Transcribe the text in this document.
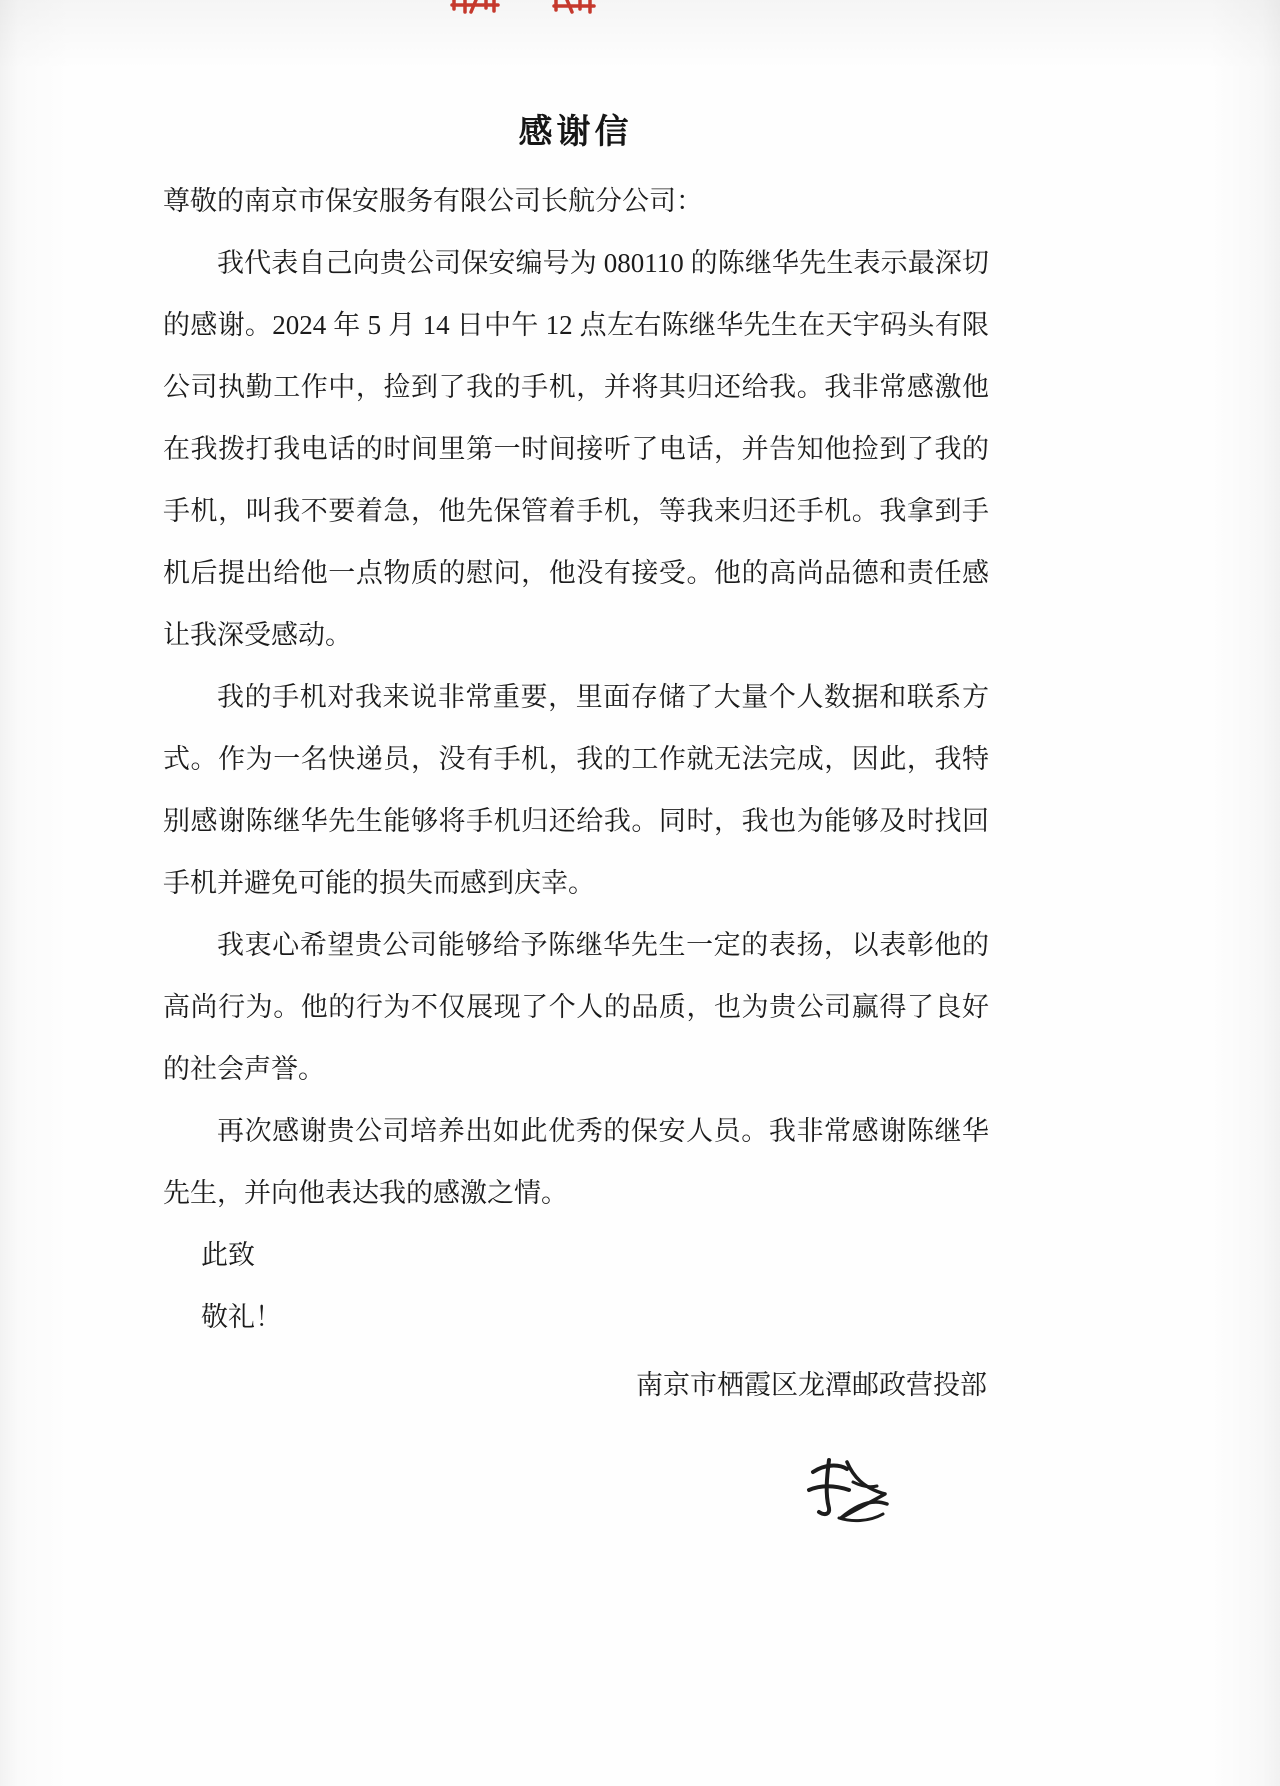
感谢信

尊敬的南京市保安服务有限公司长航分公司：

我代表自己向贵公司保安编号为 080110 的陈继华先生表示最深切的感谢。2024 年 5 月 14 日中午 12 点左右陈继华先生在天宇码头有限公司执勤工作中，捡到了我的手机，并将其归还给我。我非常感激他在我拨打我电话的时间里第一时间接听了电话，并告知他捡到了我的手机，叫我不要着急，他先保管着手机，等我来归还手机。我拿到手机后提出给他一点物质的慰问，他没有接受。他的高尚品德和责任感让我深受感动。

我的手机对我来说非常重要，里面存储了大量个人数据和联系方式。作为一名快递员，没有手机，我的工作就无法完成，因此，我特别感谢陈继华先生能够将手机归还给我。同时，我也为能够及时找回手机并避免可能的损失而感到庆幸。

我衷心希望贵公司能够给予陈继华先生一定的表扬，以表彰他的高尚行为。他的行为不仅展现了个人的品质，也为贵公司赢得了良好的社会声誉。

再次感谢贵公司培养出如此优秀的保安人员。我非常感谢陈继华先生，并向他表达我的感激之情。

此致

敬礼！

南京市栖霞区龙潭邮政营投部
